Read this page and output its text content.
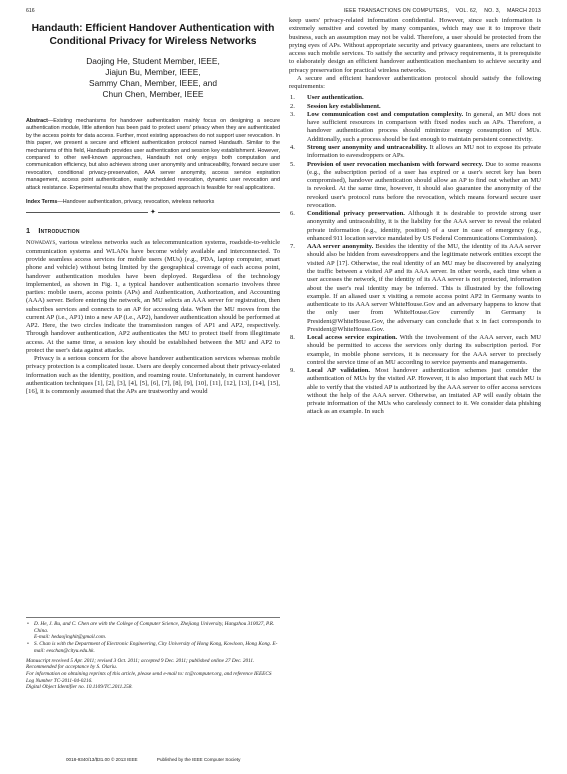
616	IEEE TRANSACTIONS ON COMPUTERS,    VOL. 62,    NO. 3,    MARCH 2013
Handauth: Efficient Handover Authentication with Conditional Privacy for Wireless Networks
Daojing He, Student Member, IEEE,
Jiajun Bu, Member, IEEE,
Sammy Chan, Member, IEEE, and
Chun Chen, Member, IEEE
Abstract—Existing mechanisms for handover authentication mainly focus on designing a secure authentication module, little attention has been paid to protect users' privacy when they are authenticated by the access points for data access. Further, most existing approaches do not support user revocation. In this paper, we present a secure and efficient authentication protocol named Handauth. Similar to the mechanisms of this field, Handauth provides user authentication and session key establishment. However, compared to other well-known approaches, Handauth not only enjoys both computation and communication efficiency, but also achieves strong user anonymity and untraceability, forward secure user revocation, conditional privacy-preservation, AAA server anonymity, access service expiration management, access point authentication, easily scheduled revocation, dynamic user revocation and attack resistance. Experimental results show that the proposed approach is feasible for real applications.
Index Terms—Handover authentication, privacy, revocation, wireless networks
✦
1 Introduction

Nowadays, various wireless networks such as telecommunication systems, roadside-to-vehicle communication systems and WLANs have become widely available and interconnected. To provide seamless access services for mobile users (MUs) (e.g., PDA, laptop computer, smart phone and vehicle) without being limited by the geographical coverage of each access point, handover authentication modules have been deployed. Regardless of the technology implemented, as shown in Fig. 1, a typical handover authentication scenario involves three parties: mobile users, access points (APs) and Authentication, Authorization, and Accounting (AAA) server. Before entering the network, an MU selects an AAA server for registration, then subscribes services and connects to an AP for accessing data. When the MU moves from the current AP (i.e., AP1) into a new AP (i.e., AP2), handover authentication should be performed at AP2. Here, the two circles indicate the transmission ranges of AP1 and AP2, respectively. Through handover authentication, AP2 authenticates the MU to protect itself from illegitimate access. At the same time, a session key should be established between the MU and AP2 to protect the user's data against attacks.

Privacy is a serious concern for the above handover authentication services whereas mobile privacy protection is a complicated issue. Users are deeply concerned about their privacy-related information such as the identity, position, and roaming route. Unfortunately, in current handover authentication techniques [1], [2], [3], [4], [5], [6], [7], [8], [9], [10], [11], [12], [13], [14], [15], [16], it is commonly assumed that the APs are trustworthy and would

• D. He, J. Bu, and C. Chen are with the College of Computer Science, Zhejiang University, Hangzhou 310027, P.R. China.
E-mail: hedaojinghit@gmail.com.
• S. Chan is with the Department of Electronic Engineering, City University of Hong Kong, Kowloon, Hong Kong. E-mail: eeschan@cityu.edu.hk.
Manuscript received 5 Apr. 2011; revised 3 Oct. 2011; accepted 9 Dec. 2011; published online 27 Dec. 2011.
Recommended for acceptance by S. Olariu.
For information on obtaining reprints of this article, please send e-mail to: tc@computer.org, and reference IEEECS Log Number TC-2011-04-0216.
Digital Object Identifier no. 10.1109/TC.2011.258.
0018-9340/13/$31.00 © 2013 IEEE	Published by the IEEE Computer Society

keep users' privacy-related information confidential. However, since such information is extremely sensitive and coveted by many companies, which may use it to improve their business, such an assumption may not be valid. Therefore, a user should be protected from the prying eyes of APs. Without appropriate security and privacy guarantees, users are reluctant to access such mobile services. To satisfy the security and privacy requirements, it is prerequisite to elaborately design an efficient handover authentication mechanism to achieve security and privacy preservation for practical wireless networks.

A secure and efficient handover authentication protocol should satisfy the following requirements:

1. User authentication.
2. Session key establishment.
3. Low communication cost and computation complexity. In general, an MU does not have sufficient resources in comparison with fixed nodes such as APs. Therefore, a handover authentication process should minimize energy consumption of MUs. Additionally, such a process should be fast enough to maintain persistent connectivity.
4. Strong user anonymity and untraceability. It allows an MU not to expose its private information to eavesdroppers or APs.
5. Provision of user revocation mechanism with forward secrecy. Due to some reasons (e.g., the subscription period of a user has expired or a user's secret key has been compromised), handover authentication should allow an AP to find out whether an MU is revoked. At the same time, however, it should also guarantee the anonymity of the revoked user's protocol runs before the revocation, which means forward secure user revocation.
6. Conditional privacy preservation. Although it is desirable to provide strong user anonymity and untraceability, it is the liability for the AAA server to reveal the related private information (e.g., identity, position) of a user in case of emergency (e.g., enhanced 911 location service mandated by US Federal Communications Commission).
7. AAA server anonymity. Besides the identity of the MU, the identity of its AAA server should also be hidden from eavesdroppers and the legitimate network entities except the visited AP [17]. Otherwise, the real identity of an MU may be discovered by analyzing the traffic between a visited AP and its AAA server. In other words, each time when a user accesses the network, if the identity of its AAA server is not protected, information about the user's real identity may be inferred. This is illustrated by the following example. If an aliased user x visiting a remote access point AP2 in Germany wants to authenticate to its AAA server WhiteHouse.Gov and an adversary happens to know that the only user from WhiteHouse.Gov currently in Germany is President@WhiteHouse.Gov, the adversary can conclude that x in fact corresponds to President@WhiteHouse.Gov.
8. Local access service expiration. With the involvement of the AAA server, each MU should be permitted to access the services only during its subscription period. For example, in mobile phone services, it is necessary for the AAA server to precisely control the service time of an MU according to service payments and managements.
9. Local AP validation. Most handover authentication schemes just consider the authentication of MUs by the visited AP. However, it is also important that each MU is able to verify that the visited AP is authorized by the AAA server to offer access services without the help of the AAA server. Otherwise, an imitated AP will easily obtain the private information of the MUs who carelessly connect to it. We consider data phishing attack as an example. In such
